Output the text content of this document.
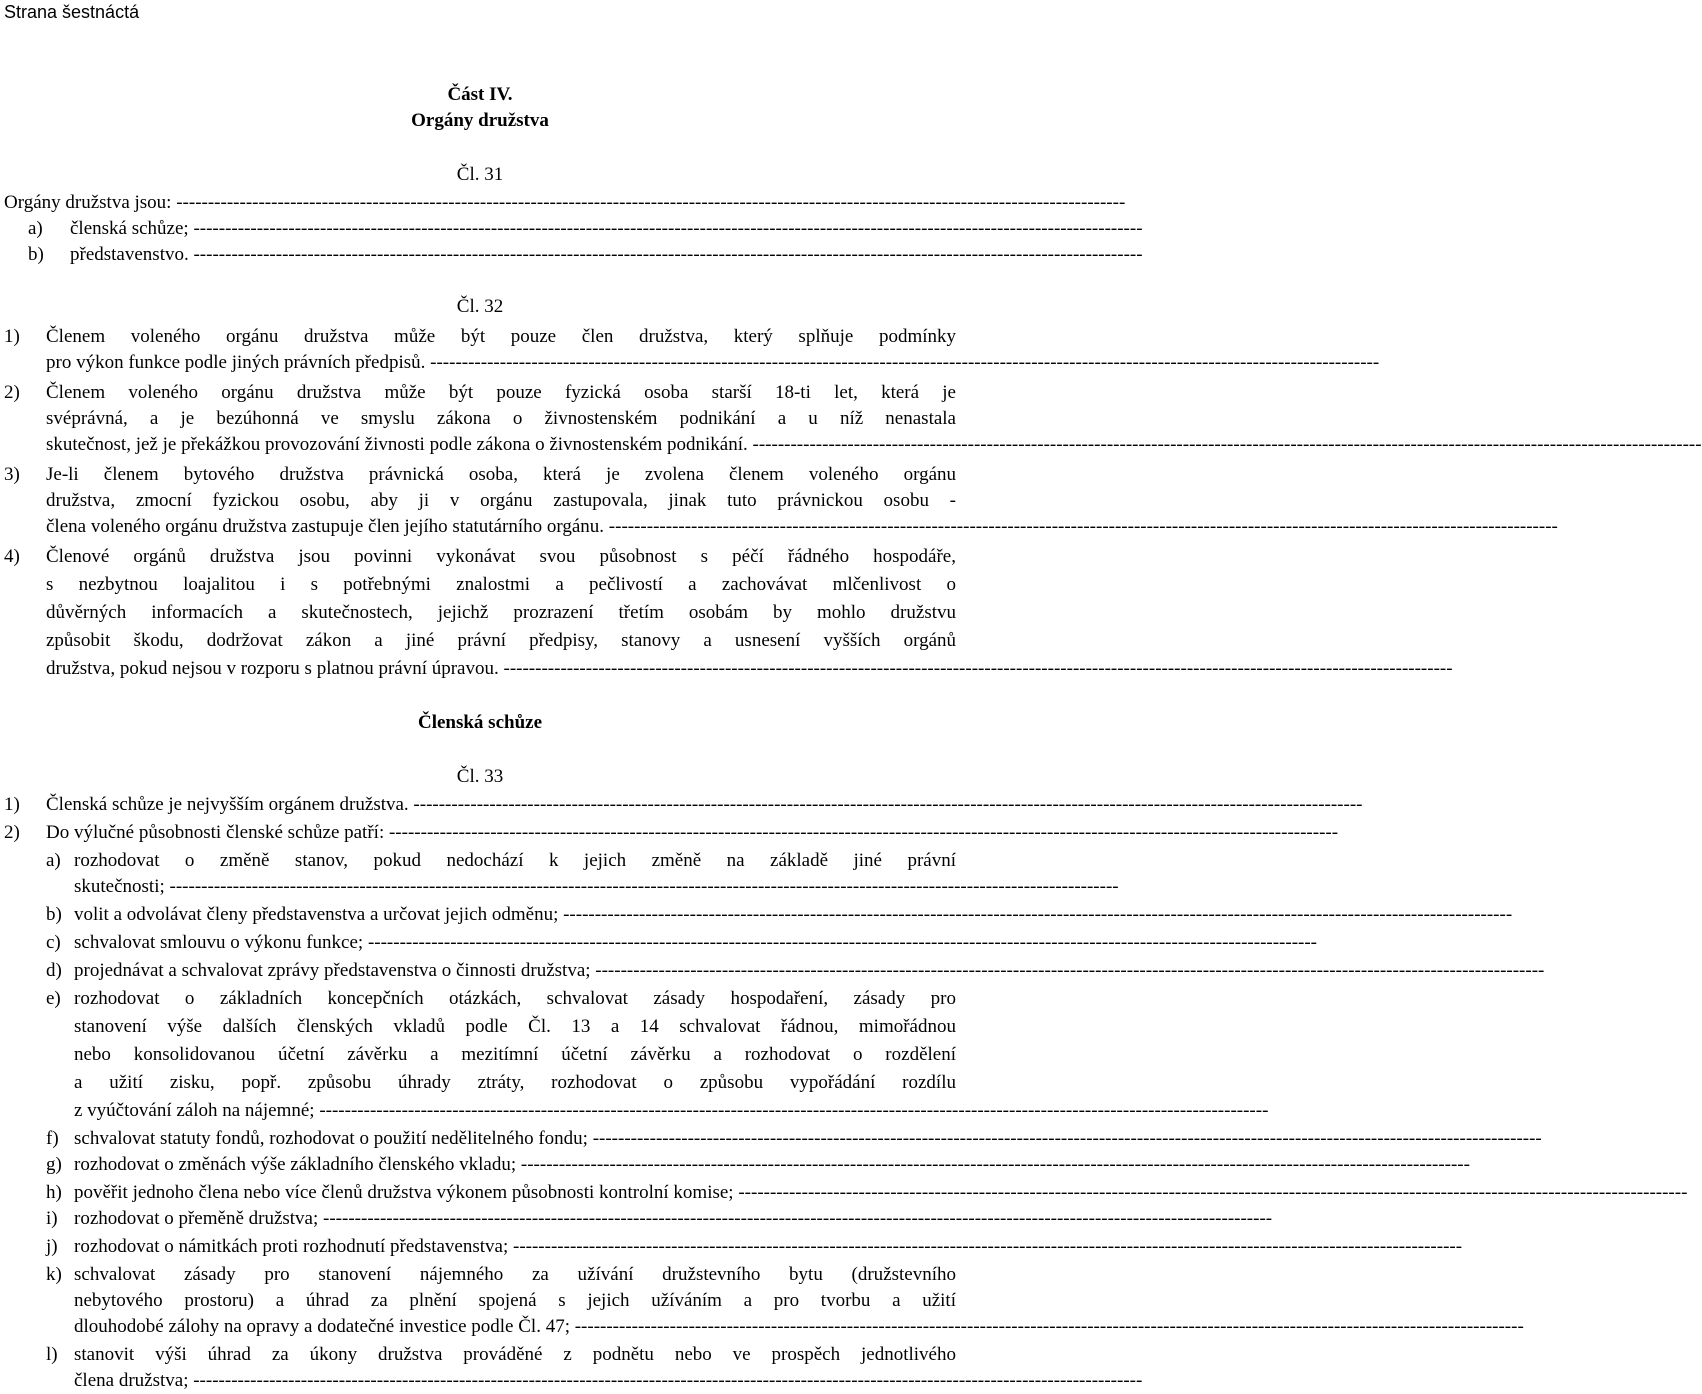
Strana šestnáctá
Část IV.
Orgány družstva
Čl. 31
Orgány družstva jsou: ------------------------------------------------------------------------------------------------------------------------------------------------------
a) členská schůze; ------------------------------------------------------------------------------------------------------------------------------------------------------
b) představenstvo. ------------------------------------------------------------------------------------------------------------------------------------------------------
Čl. 32
1) Členem voleného orgánu družstva může být pouze člen družstva, který splňuje podmínky
pro výkon funkce podle jiných právních předpisů. ------------------------------------------------------------------------------------------------------------------------------------------------------
2) Členem voleného orgánu družstva může být pouze fyzická osoba starší 18-ti let, která je
svéprávná, a je bezúhonná ve smyslu zákona o živnostenském podnikání a u níž nenastala
skutečnost, jež je překážkou provozování živnosti podle zákona o živnostenském podnikání. ------------------------------------------------------------------------------------------------------------------------------------------------------
3) Je-li členem bytového družstva právnická osoba, která je zvolena členem voleného orgánu
družstva, zmocní fyzickou osobu, aby ji v orgánu zastupovala, jinak tuto právnickou osobu -
člena voleného orgánu družstva zastupuje člen jejího statutárního orgánu. ------------------------------------------------------------------------------------------------------------------------------------------------------
4) Členové orgánů družstva jsou povinni vykonávat svou působnost s péčí řádného hospodáře,
s nezbytnou loajalitou i s potřebnými znalostmi a pečlivostí a zachovávat mlčenlivost o
důvěrných informacích a skutečnostech, jejichž prozrazení třetím osobám by mohlo družstvu
způsobit škodu, dodržovat zákon a jiné právní předpisy, stanovy a usnesení vyšších orgánů
družstva, pokud nejsou v rozporu s platnou právní úpravou. ------------------------------------------------------------------------------------------------------------------------------------------------------
Členská schůze
Čl. 33
1) Členská schůze je nejvyšším orgánem družstva. ------------------------------------------------------------------------------------------------------------------------------------------------------
2) Do výlučné působnosti členské schůze patří: ------------------------------------------------------------------------------------------------------------------------------------------------------
a) rozhodovat o změně stanov, pokud nedochází k jejich změně na základě jiné právní
skutečnosti; ------------------------------------------------------------------------------------------------------------------------------------------------------
b) volit a odvolávat členy představenstva a určovat jejich odměnu; ------------------------------------------------------------------------------------------------------------------------------------------------------
c) schvalovat smlouvu o výkonu funkce; ------------------------------------------------------------------------------------------------------------------------------------------------------
d) projednávat a schvalovat zprávy představenstva o činnosti družstva; ------------------------------------------------------------------------------------------------------------------------------------------------------
e) rozhodovat o základních koncepčních otázkách, schvalovat zásady hospodaření, zásady pro
stanovení výše dalších členských vkladů podle Čl. 13 a 14 schvalovat řádnou, mimořádnou
nebo konsolidovanou účetní závěrku a mezitímní účetní závěrku a rozhodovat o rozdělení
a užití zisku, popř. způsobu úhrady ztráty, rozhodovat o způsobu vypořádání rozdílu
z vyúčtování záloh na nájemné; ------------------------------------------------------------------------------------------------------------------------------------------------------
f) schvalovat statuty fondů, rozhodovat o použití nedělitelného fondu; ------------------------------------------------------------------------------------------------------------------------------------------------------
g) rozhodovat o změnách výše základního členského vkladu; ------------------------------------------------------------------------------------------------------------------------------------------------------
h) pověřit jednoho člena nebo více členů družstva výkonem působnosti kontrolní komise; ------------------------------------------------------------------------------------------------------------------------------------------------------
i) rozhodovat o přeměně družstva; ------------------------------------------------------------------------------------------------------------------------------------------------------
j) rozhodovat o námitkách proti rozhodnutí představenstva; ------------------------------------------------------------------------------------------------------------------------------------------------------
k) schvalovat zásady pro stanovení nájemného za užívání družstevního bytu (družstevního
nebytového prostoru) a úhrad za plnění spojená s jejich užíváním a pro tvorbu a užití
dlouhodobé zálohy na opravy a dodatečné investice podle Čl. 47; ------------------------------------------------------------------------------------------------------------------------------------------------------
l) stanovit výši úhrad za úkony družstva prováděné z podnětu nebo ve prospěch jednotlivého
člena družstva; ------------------------------------------------------------------------------------------------------------------------------------------------------
